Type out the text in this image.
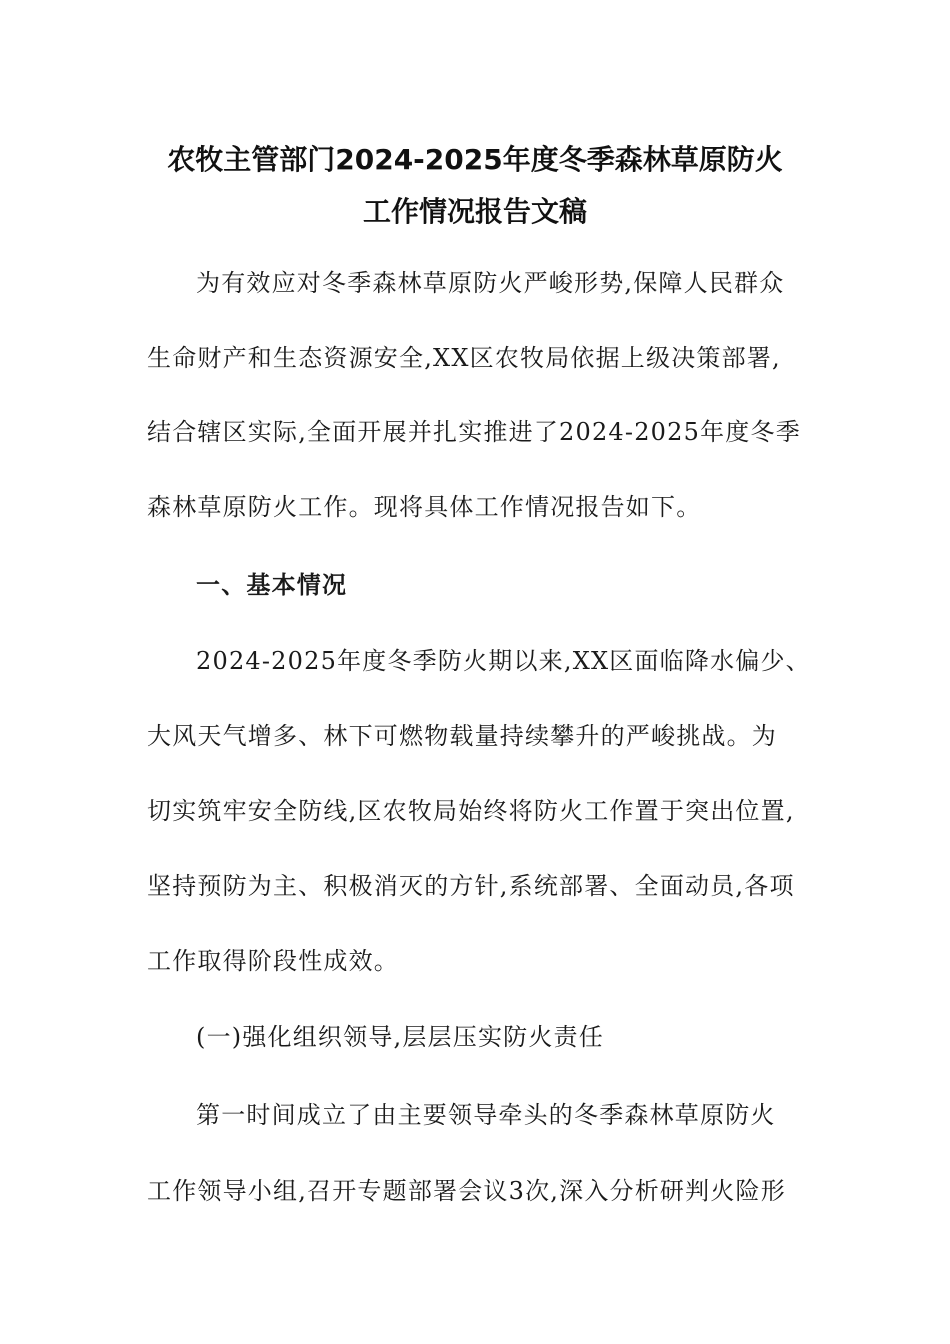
农牧主管部门2024-2025年度冬季森林草原防火
工作情况报告文稿
为有效应对冬季森林草原防火严峻形势,保障人民群众
生命财产和生态资源安全,XX区农牧局依据上级决策部署,
结合辖区实际,全面开展并扎实推进了2024-2025年度冬季
森林草原防火工作。现将具体工作情况报告如下。
一、基本情况
2024-2025年度冬季防火期以来,XX区面临降水偏少、
大风天气增多、林下可燃物载量持续攀升的严峻挑战。为
切实筑牢安全防线,区农牧局始终将防火工作置于突出位置,
坚持预防为主、积极消灭的方针,系统部署、全面动员,各项
工作取得阶段性成效。
(一)强化组织领导,层层压实防火责任
第一时间成立了由主要领导牵头的冬季森林草原防火
工作领导小组,召开专题部署会议3次,深入分析研判火险形
